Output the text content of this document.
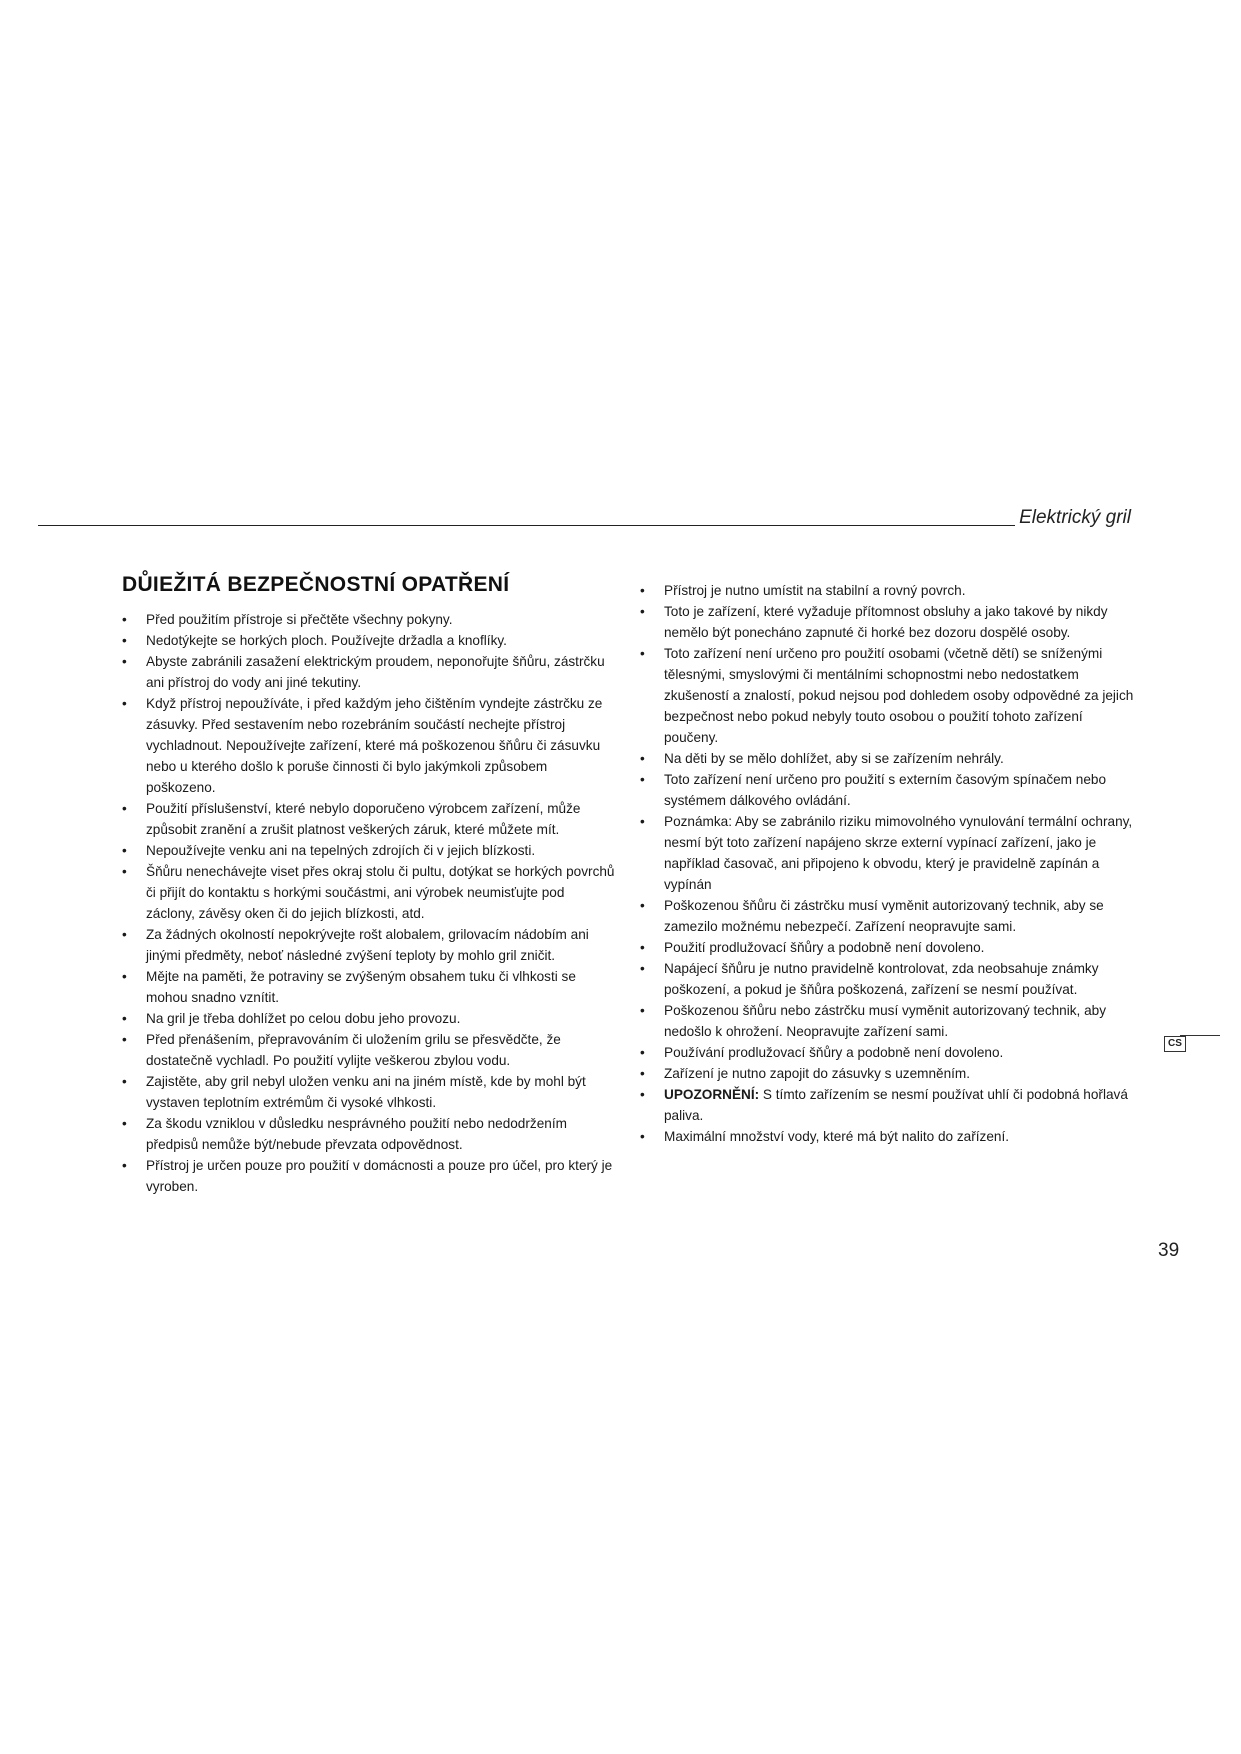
Elektrický gril
DŮIEŽITÁ BEZPEČNOSTNÍ OPATŘENÍ
•	Před použitím přístroje si přečtěte všechny pokyny.
•	Nedotýkejte se horkých ploch. Používejte držadla a knoflíky.
•	Abyste zabránili zasažení elektrickým proudem, neponořujte šňůru, zástrčku ani přístroj do vody ani jiné tekutiny.
•	Když přístroj nepoužíváte, i před každým jeho čištěním vyndejte zástrčku ze zásuvky. Před sestavením nebo rozebráním součástí nechejte přístroj vychladnout. Nepoužívejte zařízení, které má poškozenou šňůru či zásuvku nebo u kterého došlo k poruše činnosti či bylo jakýmkoli způsobem poškozeno.
•	Použití příslušenství, které nebylo doporučeno výrobcem zařízení, může způsobit zranění a zrušit platnost veškerých záruk, které můžete mít.
•	Nepoužívejte venku ani na tepelných zdrojích či v jejich blízkosti.
•	Šňůru nenechávejte viset přes okraj stolu či pultu, dotýkat se horkých povrchů či přijít do kontaktu s horkými součástmi, ani výrobek neumisťujte pod záclony, závěsy oken či do jejich blízkosti, atd.
•	Za žádných okolností nepokrývejte rošt alobalem, grilovacím nádobím ani jinými předměty, neboť následné zvýšení teploty by mohlo gril zničit.
•	Mějte na paměti, že potraviny se zvýšeným obsahem tuku či vlhkosti se mohou snadno vznítit.
•	Na gril je třeba dohlížet po celou dobu jeho provozu.
•	Před přenášením, přepravováním či uložením grilu se přesvědčte, že dostatečně vychladl. Po použití vylijte veškerou zbylou vodu.
•	Zajistěte, aby gril nebyl uložen venku ani na jiném místě, kde by mohl být vystaven teplotním extrémům či vysoké vlhkosti.
•	Za škodu vzniklou v důsledku nesprávného použití nebo nedodržením předpisů nemůže být/nebude převzata odpovědnost.
•	Přístroj je určen pouze pro použití v domácnosti a pouze pro účel, pro který je vyroben.
•	Přístroj je nutno umístit na stabilní a rovný povrch.
•	Toto je zařízení, které vyžaduje přítomnost obsluhy a jako takové by nikdy nemělo být ponecháno zapnuté či horké bez dozoru dospělé osoby.
•	Toto zařízení není určeno pro použití osobami (včetně dětí) se sníženými tělesnými, smyslovými či mentálními schopnostmi nebo nedostatkem zkušeností a znalostí, pokud nejsou pod dohledem osoby odpovědné za jejich bezpečnost nebo pokud nebyly touto osobou o použití tohoto zařízení poučeny.
•	Na děti by se mělo dohlížet, aby si se zařízením nehrály.
•	Toto zařízení není určeno pro použití s externím časovým spínačem nebo systémem dálkového ovládání.
•	Poznámka: Aby se zabránilo riziku mimovolného vynulování termální ochrany, nesmí být toto zařízení napájeno skrze externí vypínací zařízení, jako je například časovač, ani připojeno k obvodu, který je pravidelně zapínán a vypínán
•	Poškozenou šňůru či zástrčku musí vyměnit autorizovaný technik, aby se zamezilo možnému nebezpečí. Zařízení neopravujte sami.
•	Použití prodlužovací šňůry a podobně není dovoleno.
•	Napájecí šňůru je nutno pravidelně kontrolovat, zda neobsahuje známky poškození, a pokud je šňůra poškozená, zařízení se nesmí používat.
•	Poškozenou šňůru nebo zástrčku musí vyměnit autorizovaný technik, aby nedošlo k ohrožení. Neopravujte zařízení sami.
•	Používání prodlužovací šňůry a podobně není dovoleno.
•	Zařízení je nutno zapojit do zásuvky s uzemněním.
•	UPOZORNĚNÍ: S tímto zařízením se nesmí používat uhlí či podobná hořlavá paliva.
•	Maximální množství vody, které má být nalito do zařízení.
CS
39
